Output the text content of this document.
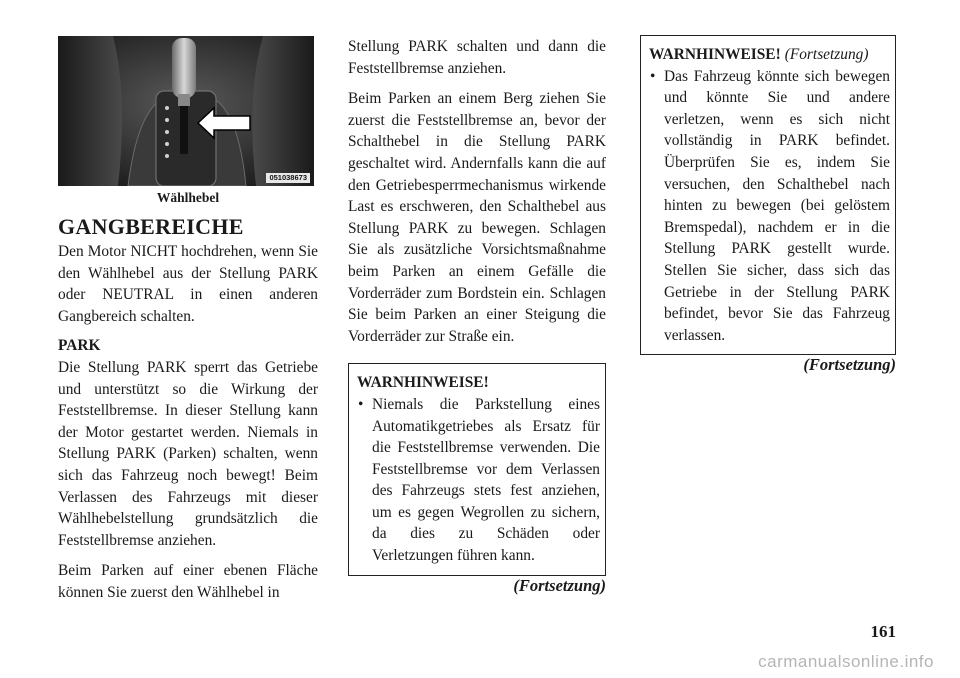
051038673
Wählhebel
GANGBEREICHE

Den Motor NICHT hochdrehen, wenn Sie den Wählhebel aus der Stellung PARK oder NEUTRAL in einen anderen Gangbereich schalten.

PARK

Die Stellung PARK sperrt das Getriebe und unterstützt so die Wirkung der Feststellbremse. In dieser Stellung kann der Motor gestartet werden. Niemals in Stellung PARK (Parken) schalten, wenn sich das Fahrzeug noch bewegt! Beim Verlassen des Fahrzeugs mit dieser Wählhebelstellung grundsätzlich die Feststellbremse anziehen.

Beim Parken auf einer ebenen Fläche können Sie zuerst den Wählhebel in

Stellung PARK schalten und dann die Feststellbremse anziehen.

Beim Parken an einem Berg ziehen Sie zuerst die Feststellbremse an, bevor der Schalthebel in die Stellung PARK geschaltet wird. Andernfalls kann die auf den Getriebesperrmechanismus wirkende Last es erschweren, den Schalthebel aus Stellung PARK zu bewegen. Schlagen Sie als zusätzliche Vorsichtsmaßnahme beim Parken an einem Gefälle die Vorderräder zum Bordstein ein. Schlagen Sie beim Parken an einer Steigung die Vorderräder zur Straße ein.

WARNHINWEISE!
• Niemals die Parkstellung eines Automatikgetriebes als Ersatz für die Feststellbremse verwenden. Die Feststellbremse vor dem Verlassen des Fahrzeugs stets fest anziehen, um es gegen Wegrollen zu sichern, da dies zu Schäden oder Verletzungen führen kann.
(Fortsetzung)
WARNHINWEISE! (Fortsetzung)
• Das Fahrzeug könnte sich bewegen und könnte Sie und andere verletzen, wenn es sich nicht vollständig in PARK befindet. Überprüfen Sie es, indem Sie versuchen, den Schalthebel nach hinten zu bewegen (bei gelöstem Bremspedal), nachdem er in die Stellung PARK gestellt wurde. Stellen Sie sicher, dass sich das Getriebe in der Stellung PARK befindet, bevor Sie das Fahrzeug verlassen.
(Fortsetzung)
161
carmanualsonline.info
